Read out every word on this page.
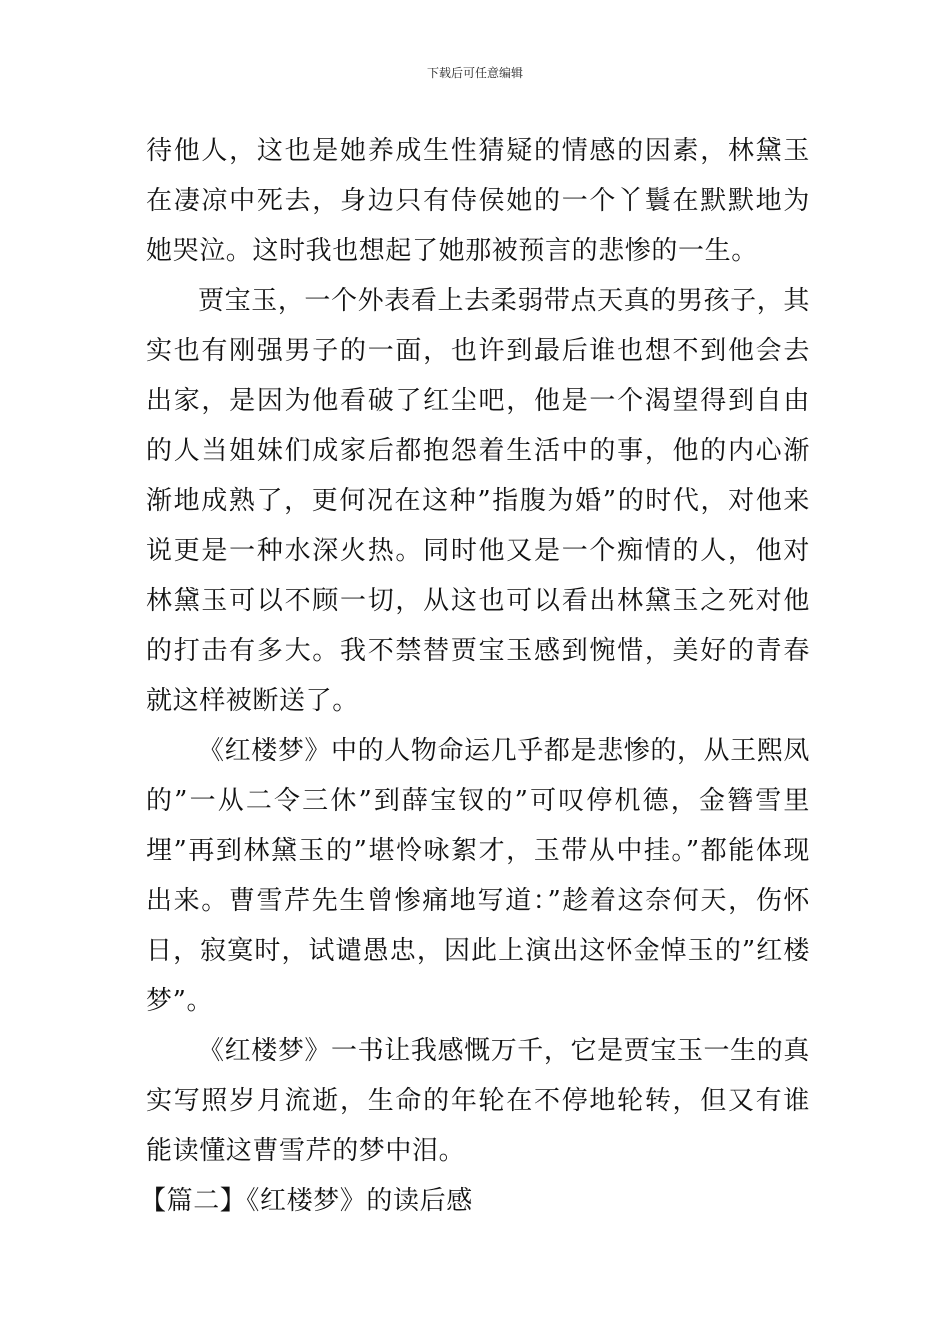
下载后可任意编辑

待他人，这也是她养成生性猜疑的情感的因素，林黛玉在凄凉中死去，身边只有侍侯她的一个丫鬟在默默地为她哭泣。这时我也想起了她那被预言的悲惨的一生。

贾宝玉，一个外表看上去柔弱带点天真的男孩子，其实也有刚强男子的一面，也许到最后谁也想不到他会去出家，是因为他看破了红尘吧，他是一个渴望得到自由的人当姐妹们成家后都抱怨着生活中的事，他的内心渐渐地成熟了，更何况在这种”指腹为婚”的时代，对他来说更是一种水深火热。同时他又是一个痴情的人，他对林黛玉可以不顾一切，从这也可以看出林黛玉之死对他的打击有多大。我不禁替贾宝玉感到惋惜，美好的青春就这样被断送了。

《红楼梦》中的人物命运几乎都是悲惨的，从王熙凤的”一从二令三休”到薛宝钗的”可叹停机德，金簪雪里埋”再到林黛玉的”堪怜咏絮才，玉带从中挂。”都能体现出来。曹雪芹先生曾惨痛地写道：”趁着这奈何天，伤怀日，寂寞时，试谴愚忠，因此上演出这怀金悼玉的”红楼梦”。

《红楼梦》一书让我感慨万千，它是贾宝玉一生的真实写照岁月流逝，生命的年轮在不停地轮转，但又有谁能读懂这曹雪芹的梦中泪。

【篇二】《红楼梦》的读后感
